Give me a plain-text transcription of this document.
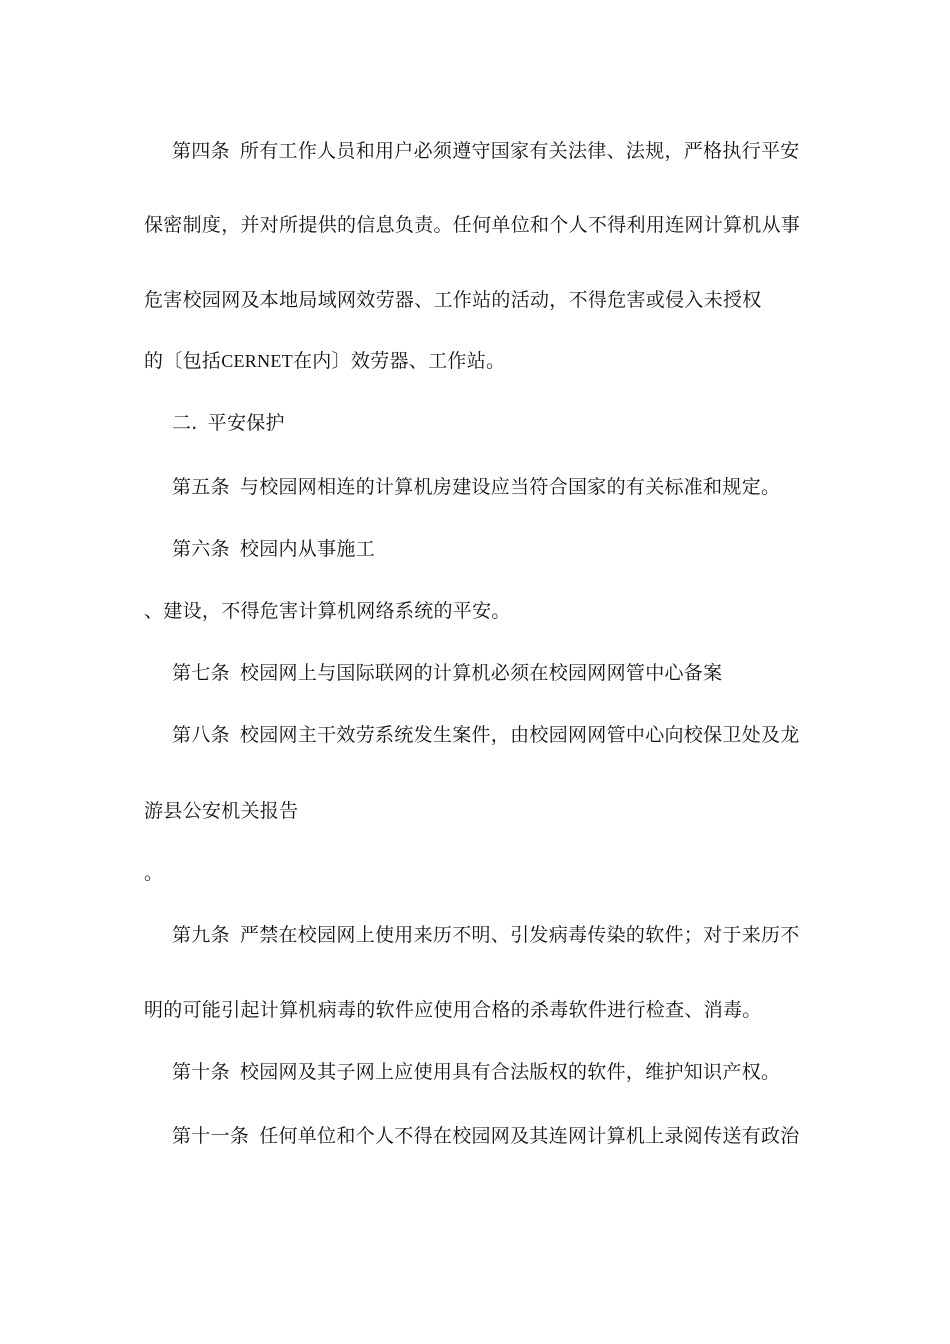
第四条 所有工作人员和用户必须遵守国家有关法律、法规，严格执行平安
保密制度，并对所提供的信息负责。任何单位和个人不得利用连网计算机从事
危害校园网及本地局域网效劳器、工作站的活动，不得危害或侵入未授权
的〔包括CERNET在内〕效劳器、工作站。
二. 平安保护
第五条 与校园网相连的计算机房建设应当符合国家的有关标准和规定。
第六条 校园内从事施工
、建设，不得危害计算机网络系统的平安。
第七条 校园网上与国际联网的计算机必须在校园网网管中心备案
第八条 校园网主干效劳系统发生案件，由校园网网管中心向校保卫处及龙
游县公安机关报告
。
第九条 严禁在校园网上使用来历不明、引发病毒传染的软件；对于来历不
明的可能引起计算机病毒的软件应使用合格的杀毒软件进行检查、消毒。
第十条 校园网及其子网上应使用具有合法版权的软件，维护知识产权。
第十一条 任何单位和个人不得在校园网及其连网计算机上录阅传送有政治
